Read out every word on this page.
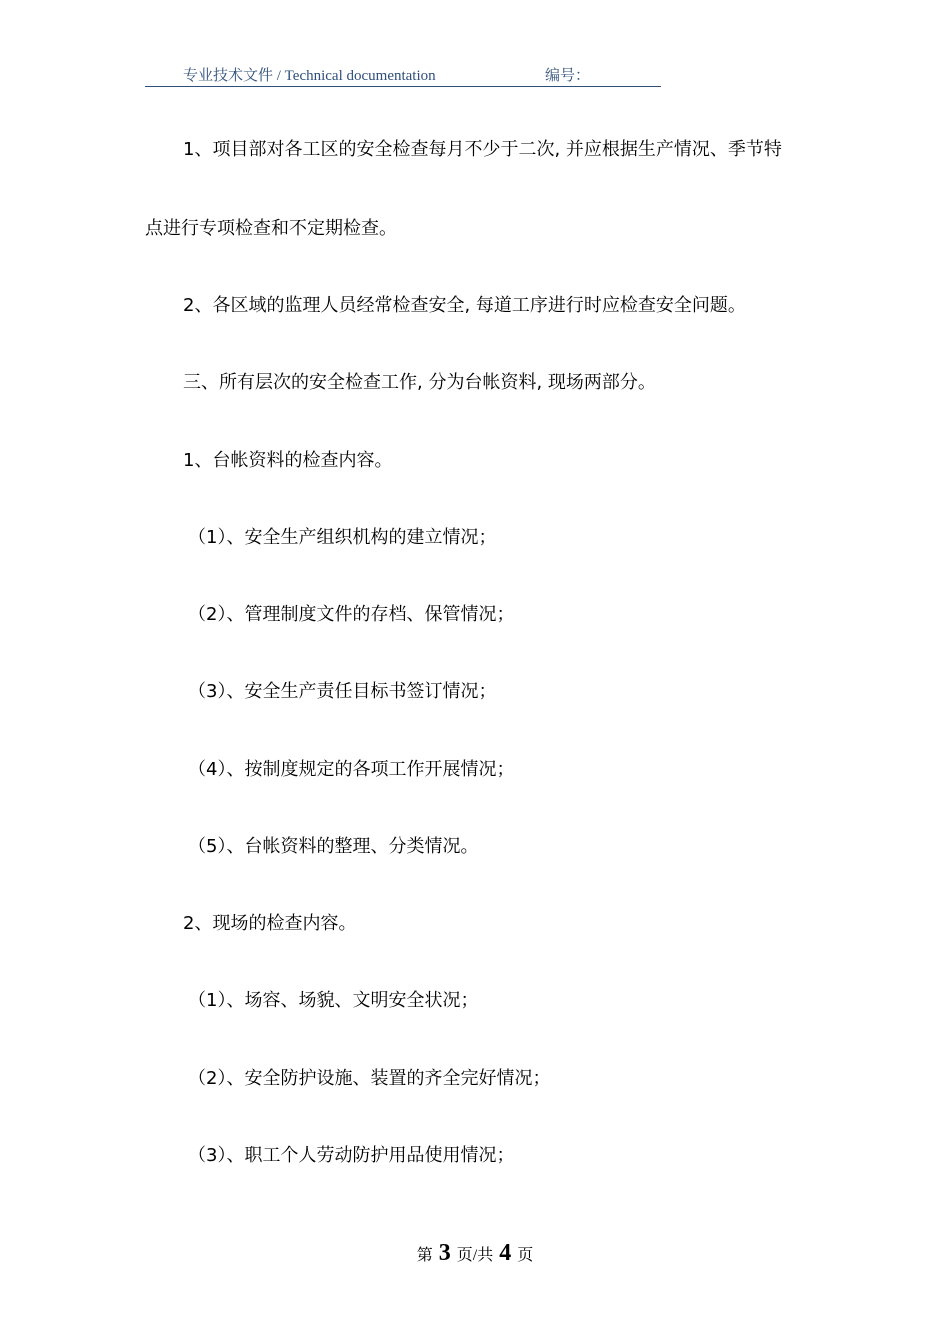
专业技术文件 / Technical documentation	编号：

1、项目部对各工区的安全检查每月不少于二次, 并应根据生产情况、季节特

点进行专项检查和不定期检查。

2、各区域的监理人员经常检查安全, 每道工序进行时应检查安全问题。

三、所有层次的安全检查工作, 分为台帐资料, 现场两部分。

1、台帐资料的检查内容。

（1）、安全生产组织机构的建立情况；

（2）、管理制度文件的存档、保管情况；

（3）、安全生产责任目标书签订情况；

（4）、按制度规定的各项工作开展情况；

（5）、台帐资料的整理、分类情况。

2、现场的检查内容。

（1）、场容、场貌、文明安全状况；

（2）、安全防护设施、装置的齐全完好情况；

（3）、职工个人劳动防护用品使用情况；

第 3 页/共 4 页
